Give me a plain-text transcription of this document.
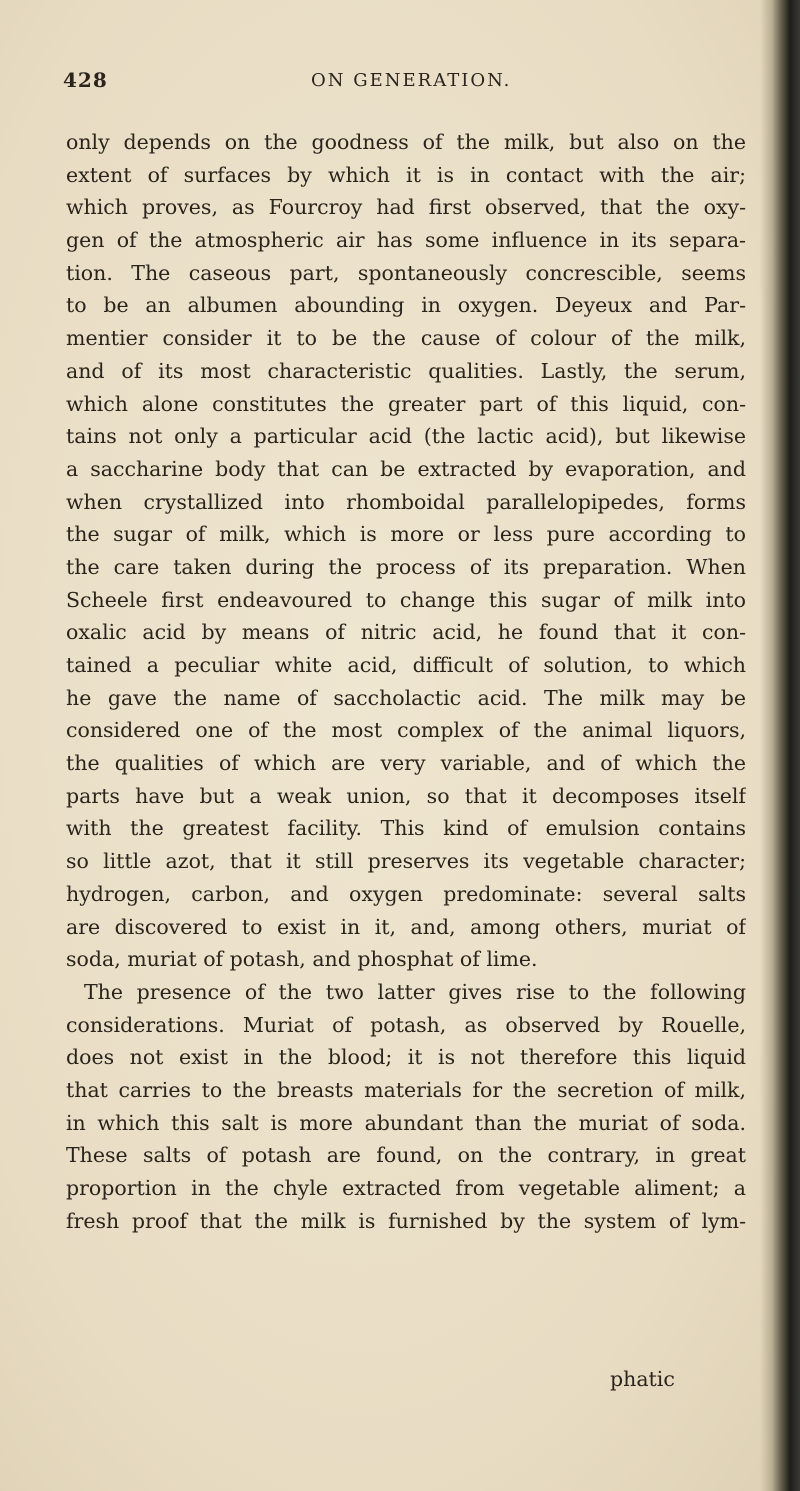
428	ON GENERATION.
only depends on the goodness of the milk, but also on the
extent of surfaces by which it is in contact with the air;
which proves, as Fourcroy had first observed, that the oxy-
gen of the atmospheric air has some influence in its separa-
tion. The caseous part, spontaneously concrescible, seems
to be an albumen abounding in oxygen. Deyeux and Par-
mentier consider it to be the cause of colour of the milk,
and of its most characteristic qualities. Lastly, the serum,
which alone constitutes the greater part of this liquid, con-
tains not only a particular acid (the lactic acid), but likewise
a saccharine body that can be extracted by evaporation, and
when crystallized into rhomboidal parallelopipedes, forms
the sugar of milk, which is more or less pure according to
the care taken during the process of its preparation. When
Scheele first endeavoured to change this sugar of milk into
oxalic acid by means of nitric acid, he found that it con-
tained a peculiar white acid, difficult of solution, to which
he gave the name of saccholactic acid. The milk may be
considered one of the most complex of the animal liquors,
the qualities of which are very variable, and of which the
parts have but a weak union, so that it decomposes itself
with the greatest facility. This kind of emulsion contains
so little azot, that it still preserves its vegetable character;
hydrogen, carbon, and oxygen predominate: several salts
are discovered to exist in it, and, among others, muriat of
soda, muriat of potash, and phosphat of lime.
The presence of the two latter gives rise to the following
considerations. Muriat of potash, as observed by Rouelle,
does not exist in the blood; it is not therefore this liquid
that carries to the breasts materials for the secretion of milk,
in which this salt is more abundant than the muriat of soda.
These salts of potash are found, on the contrary, in great
proportion in the chyle extracted from vegetable aliment; a
fresh proof that the milk is furnished by the system of lym-
phatic
